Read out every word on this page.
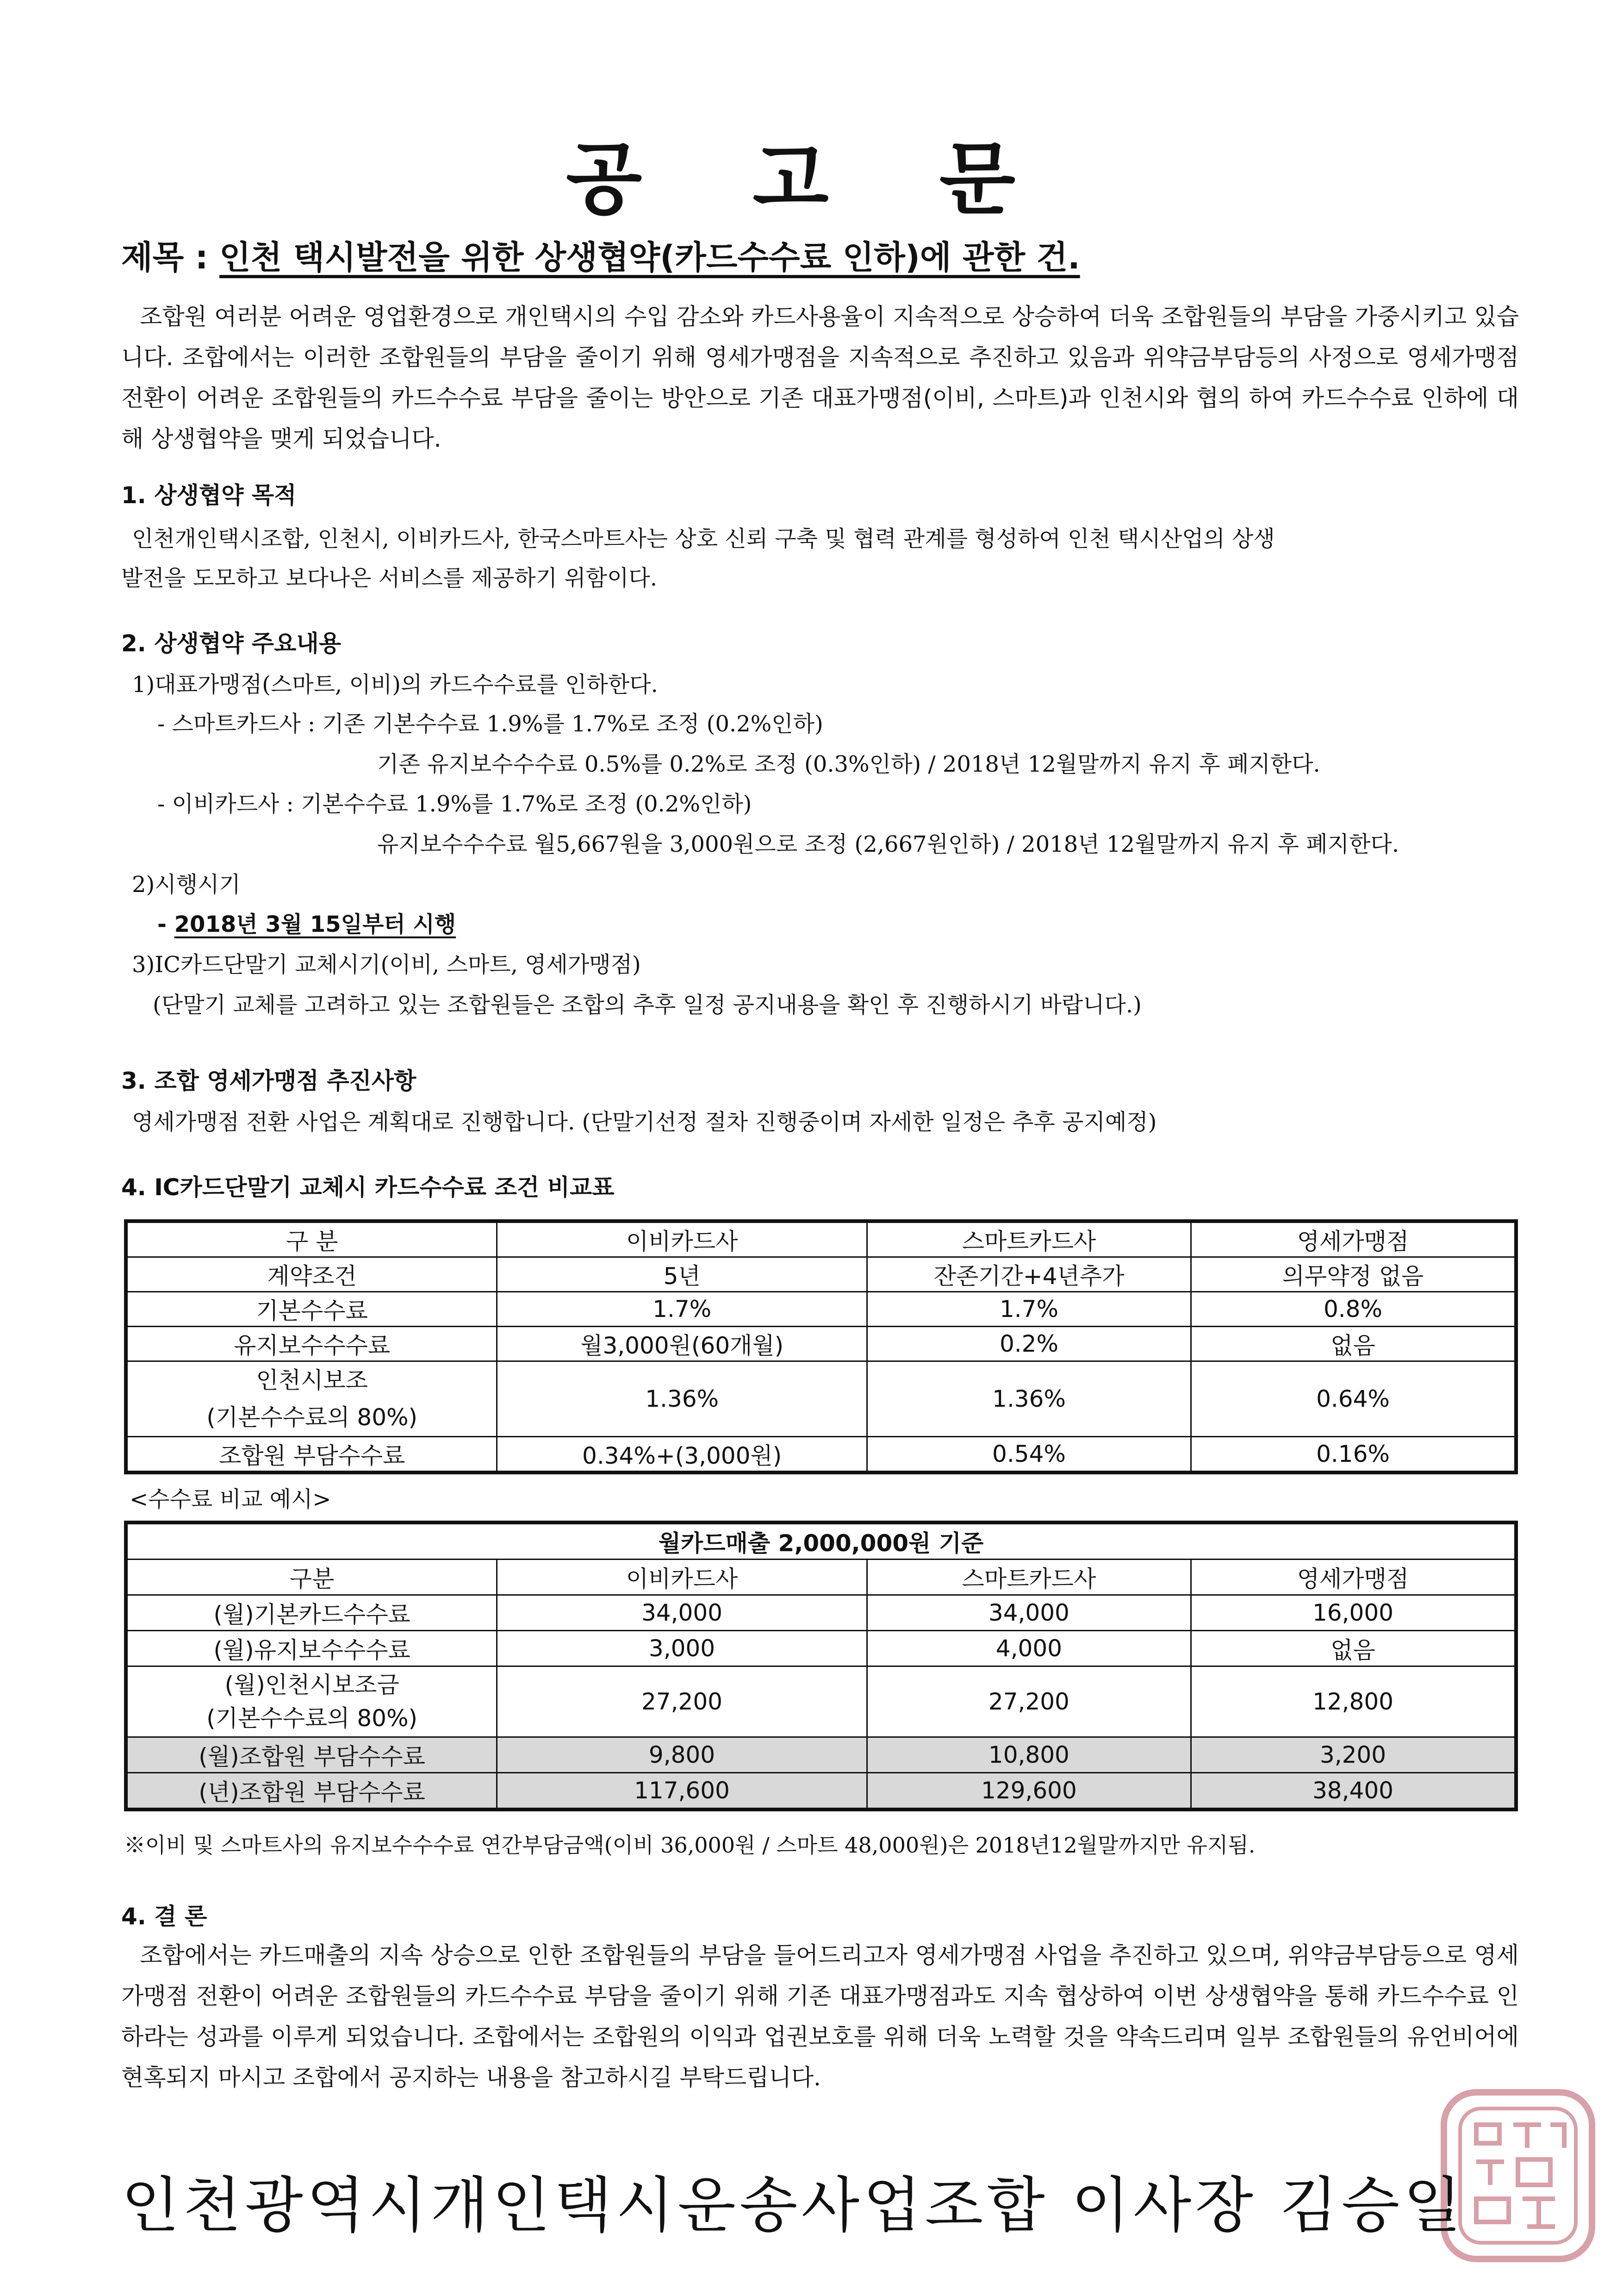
공 고 문
제목 : 인천 택시발전을 위한 상생협약(카드수수료 인하)에 관한 건.
조합원 여러분 어려운 영업환경으로 개인택시의 수입 감소와 카드사용율이 지속적으로 상승하여 더욱 조합원들의 부담을 가중시키고 있습니다. 조합에서는 이러한 조합원들의 부담을 줄이기 위해 영세가맹점을 지속적으로 추진하고 있음과 위약금부담등의 사정으로 영세가맹점전환이 어려운 조합원들의 카드수수료 부담을 줄이는 방안으로 기존 대표가맹점(이비, 스마트)과 인천시와 협의 하여 카드수수료 인하에 대해 상생협약을 맺게 되었습니다.
1. 상생협약 목적
인천개인택시조합, 인천시, 이비카드사, 한국스마트사는 상호 신뢰 구축 및 협력 관계를 형성하여 인천 택시산업의 상생
발전을 도모하고 보다나은 서비스를 제공하기 위함이다.
2. 상생협약 주요내용
1)대표가맹점(스마트, 이비)의 카드수수료를 인하한다.
- 스마트카드사 : 기존 기본수수료 1.9%를 1.7%로 조정 (0.2%인하)
기존 유지보수수수료 0.5%를 0.2%로 조정 (0.3%인하) / 2018년 12월말까지 유지 후 폐지한다.
- 이비카드사 : 기본수수료 1.9%를 1.7%로 조정 (0.2%인하)
유지보수수수료 월5,667원을 3,000원으로 조정 (2,667원인하) / 2018년 12월말까지 유지 후 폐지한다.
2)시행시기
- 2018년 3월 15일부터 시행
3)IC카드단말기 교체시기(이비, 스마트, 영세가맹점)
(단말기 교체를 고려하고 있는 조합원들은 조합의 추후 일정 공지내용을 확인 후 진행하시기 바랍니다.)
3. 조합 영세가맹점 추진사항
영세가맹점 전환 사업은 계획대로 진행합니다. (단말기선정 절차 진행중이며 자세한 일정은 추후 공지예정)
4. IC카드단말기 교체시 카드수수료 조건 비교표
구 분	이비카드사	스마트카드사	영세가맹점
계약조건	5년	잔존기간+4년추가	의무약정 없음
기본수수료	1.7%	1.7%	0.8%
유지보수수수료	월3,000원(60개월)	0.2%	없음

인천시보조
(기본수수료의 80%)	1.36%	1.36%	0.64%
조합원 부담수수료	0.34%+(3,000원)	0.54%	0.16%
<수수료 비교 예시>
월카드매출 2,000,000원 기준			
구분	이비카드사	스마트카드사	영세가맹점
(월)기본카드수수료	34,000	34,000	16,000
(월)유지보수수수료	3,000	4,000	없음

(월)인천시보조금
(기본수수료의 80%)	27,200	27,200	12,800
(월)조합원 부담수수료	9,800	10,800	3,200
(년)조합원 부담수수료	117,600	129,600	38,400
※이비 및 스마트사의 유지보수수수료 연간부담금액(이비 36,000원 / 스마트 48,000원)은 2018년12월말까지만 유지됨.
4. 결 론
조합에서는 카드매출의 지속 상승으로 인한 조합원들의 부담을 들어드리고자 영세가맹점 사업을 추진하고 있으며, 위약금부담등으로 영세가맹점 전환이 어려운 조합원들의 카드수수료 부담을 줄이기 위해 기존 대표가맹점과도 지속 협상하여 이번 상생협약을 통해 카드수수료 인하라는 성과를 이루게 되었습니다. 조합에서는 조합원의 이익과 업권보호를 위해 더욱 노력할 것을 약속드리며 일부 조합원들의 유언비어에 현혹되지 마시고 조합에서 공지하는 내용을 참고하시길 부탁드립니다.
인천광역시개인택시운송사업조합 이사장 김승일
